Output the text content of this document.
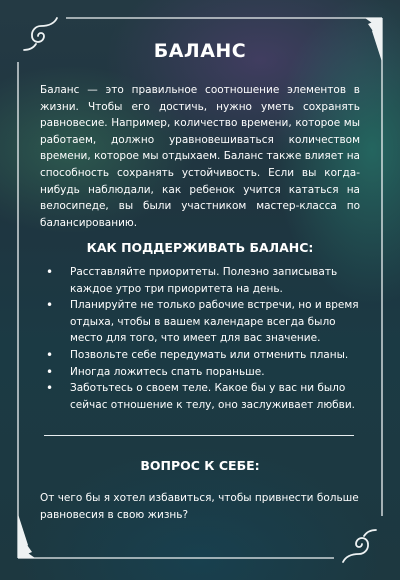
БАЛАНС

Баланс — это правильное соотношение элементов в жизни. Чтобы его достичь, нужно уметь сохранять равновесие. Например, количество времени, которое мы работаем, должно уравновешиваться количеством времени, которое мы отдыхаем. Баланс также влияет на способность сохранять устойчивость. Если вы когда-нибудь наблюдали, как ребенок учится кататься на велосипеде, вы были участником мастер-класса по балансированию.

КАК ПОДДЕРЖИВАТЬ БАЛАНС:
• Расставляйте приоритеты. Полезно записывать каждое утро три приоритета на день.
• Планируйте не только рабочие встречи, но и время отдыха, чтобы в вашем календаре всегда было место для того, что имеет для вас значение.
• Позвольте себе передумать или отменить планы.
• Иногда ложитесь спать пораньше.
• Заботьтесь о своем теле. Какое бы у вас ни было сейчас отношение к телу, оно заслуживает любви.
ВОПРОС К СЕБЕ:

От чего бы я хотел избавиться, чтобы привнести больше равновесия в свою жизнь?
